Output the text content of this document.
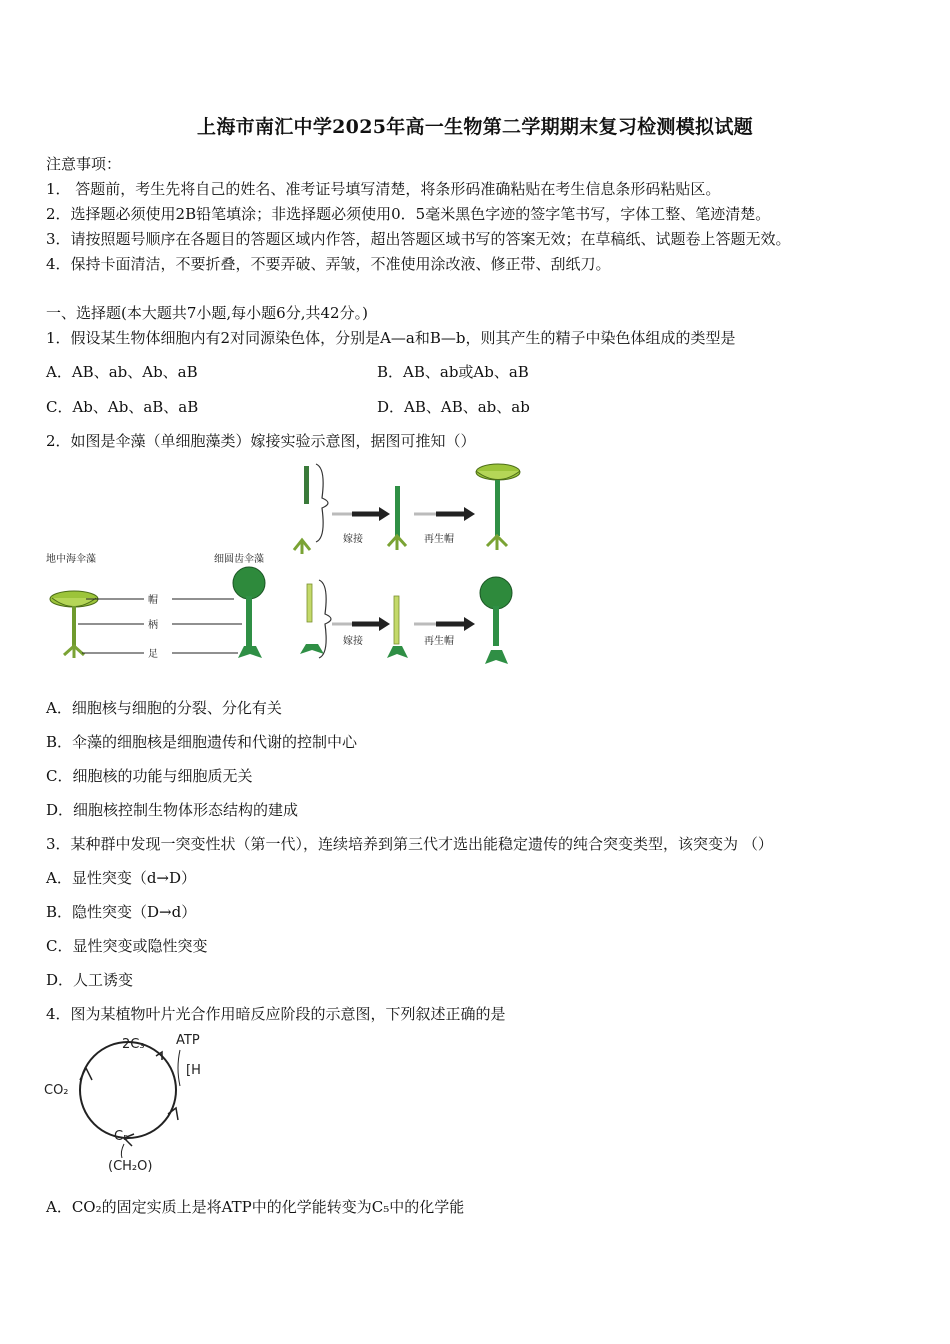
上海市南汇中学2025年高一生物第二学期期末复习检测模拟试题
注意事项：
1． 答题前，考生先将自己的姓名、准考证号填写清楚，将条形码准确粘贴在考生信息条形码粘贴区。
2．选择题必须使用2B铅笔填涂；非选择题必须使用0．5毫米黑色字迹的签字笔书写，字体工整、笔迹清楚。
3．请按照题号顺序在各题目的答题区域内作答，超出答题区域书写的答案无效；在草稿纸、试题卷上答题无效。
4．保持卡面清洁，不要折叠，不要弄破、弄皱，不准使用涂改液、修正带、刮纸刀。
一、选择题(本大题共7小题,每小题6分,共42分。)
1．假设某生物体细胞内有2对同源染色体，分别是A—a和B—b，则其产生的精子中染色体组成的类型是
A．AB、ab、Ab、aB	B．AB、ab或Ab、aB
C．Ab、Ab、aB、aB	D．AB、AB、ab、ab
2．如图是伞藻（单细胞藻类）嫁接实验示意图，据图可推知（）
地中海伞藻	细圆齿伞藻
帽
柄
足
嫁接	再生帽
嫁接	再生帽
A．细胞核与细胞的分裂、分化有关
B．伞藻的细胞核是细胞遗传和代谢的控制中心
C．细胞核的功能与细胞质无关
D．细胞核控制生物体形态结构的建成
3．某种群中发现一突变性状（第一代），连续培养到第三代才选出能稳定遗传的纯合突变类型，该突变为 （）
A．显性突变（d→D）
B．隐性突变（D→d）
C．显性突变或隐性突变
D．人工诱变
4．图为某植物叶片光合作用暗反应阶段的示意图，下列叙述正确的是
2C₃ ATP
[H
CO₂
C₅
(CH₂O)
A．CO₂的固定实质上是将ATP中的化学能转变为C₅中的化学能
